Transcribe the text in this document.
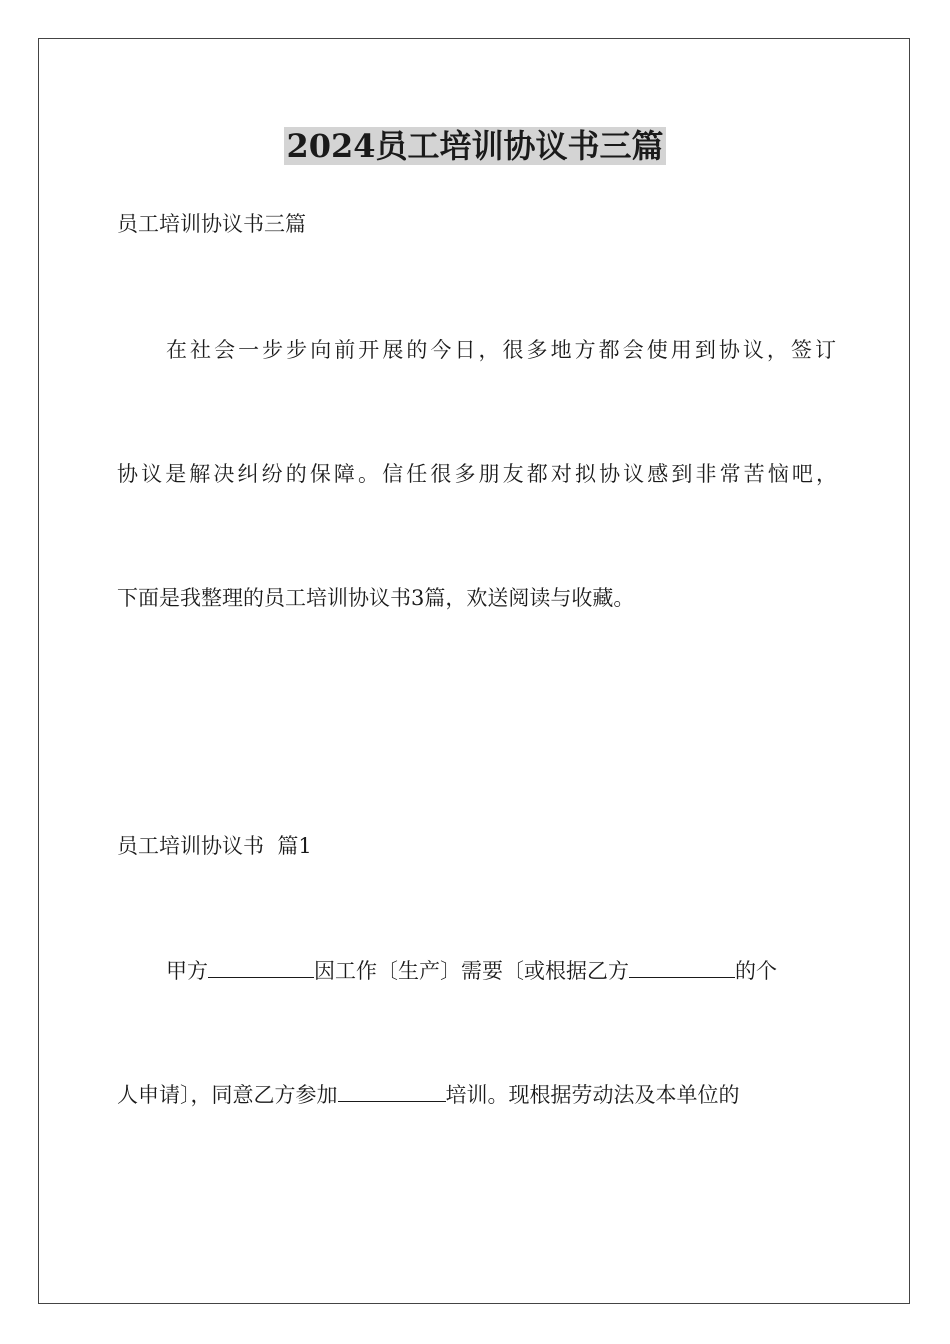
2024员工培训协议书三篇

员工培训协议书三篇

在社会一步步向前开展的今日，很多地方都会使用到协议，签订

协议是解决纠纷的保障。信任很多朋友都对拟协议感到非常苦恼吧，

下面是我整理的员工培训协议书3篇，欢送阅读与收藏。

员工培训协议书  篇1

甲方	因工作〔生产〕需要〔或根据乙方	的个

人申请〕，同意乙方参加	培训。现根据劳动法及本单位的
